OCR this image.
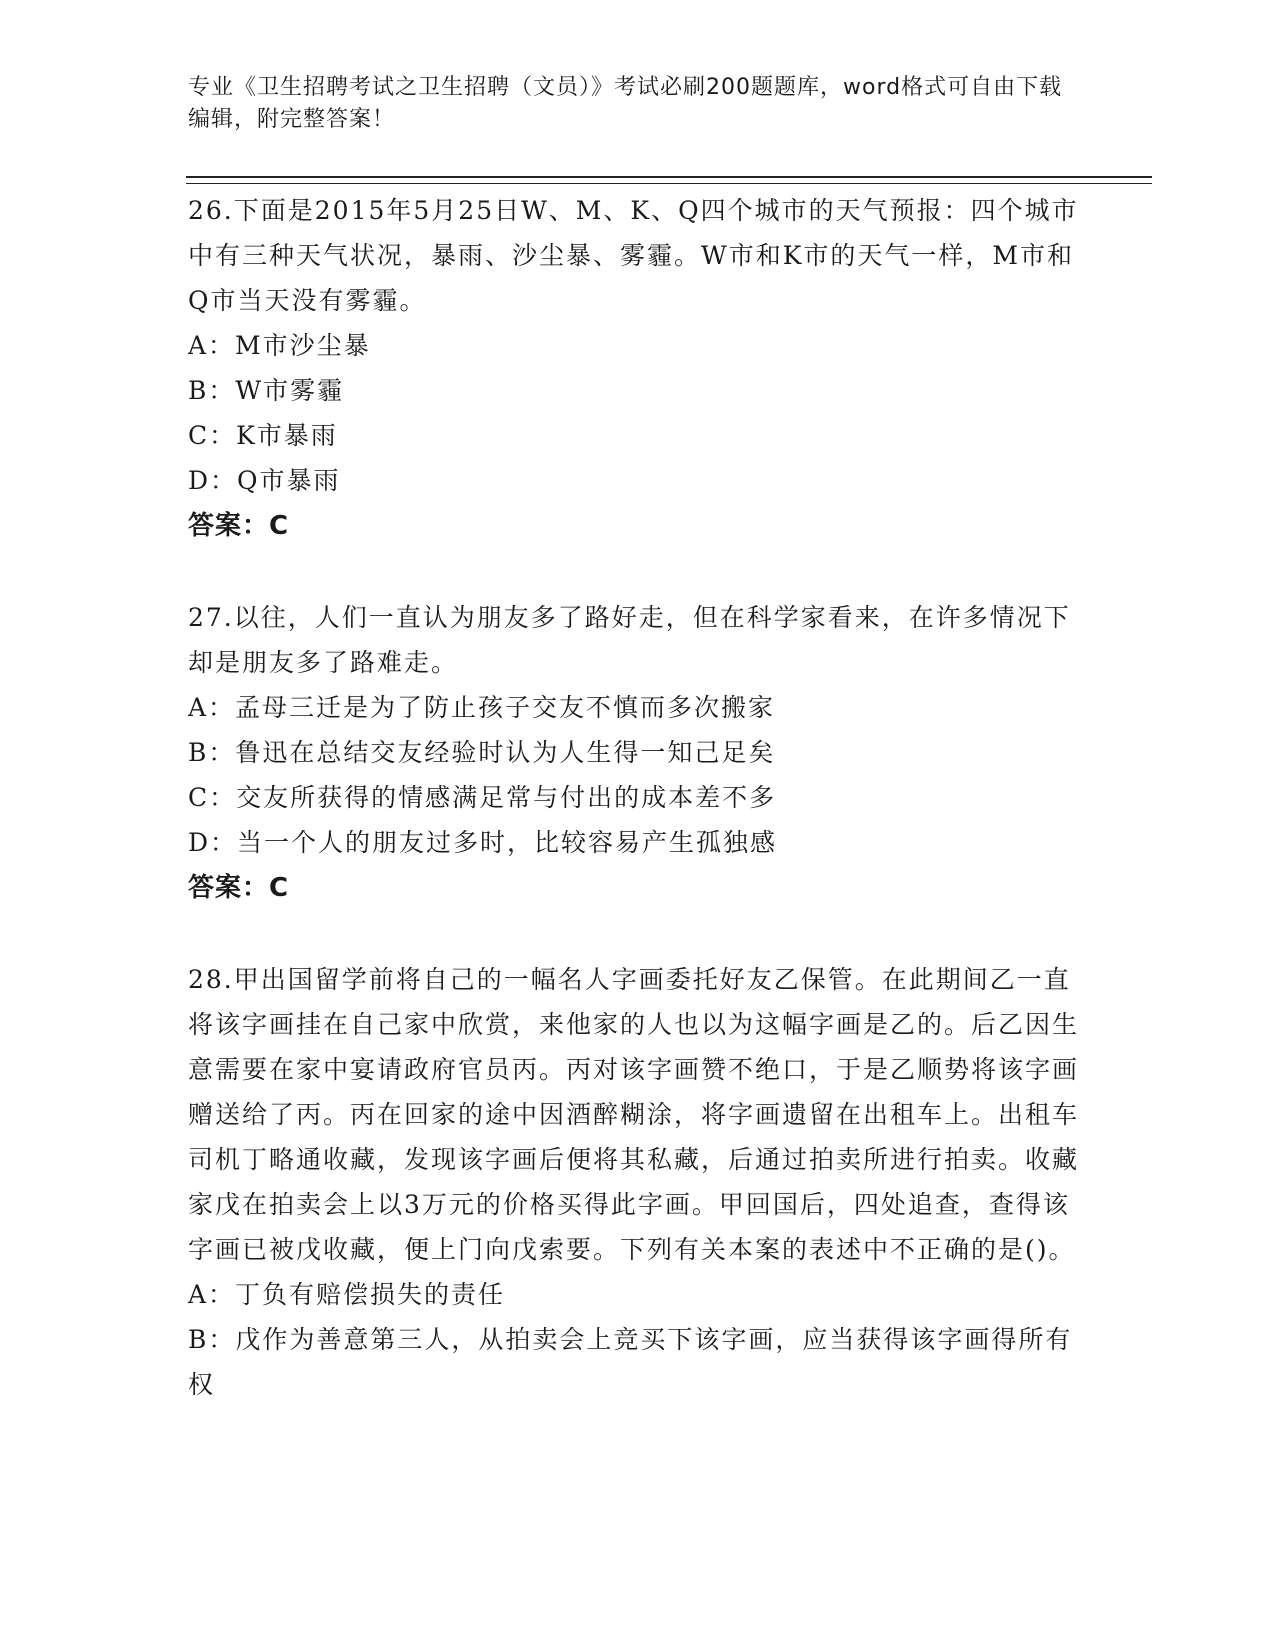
专业《卫生招聘考试之卫生招聘（文员）》考试必刷200题题库，word格式可自由下载编辑，附完整答案！
26.下面是2015年5月25日W、M、K、Q四个城市的天气预报：四个城市中有三种天气状况，暴雨、沙尘暴、雾霾。W市和K市的天气一样，M市和Q市当天没有雾霾。
A：M市沙尘暴
B：W市雾霾
C：K市暴雨
D：Q市暴雨
答案：C
27.以往，人们一直认为朋友多了路好走，但在科学家看来，在许多情况下却是朋友多了路难走。
A：孟母三迁是为了防止孩子交友不慎而多次搬家
B：鲁迅在总结交友经验时认为人生得一知己足矣
C：交友所获得的情感满足常与付出的成本差不多
D：当一个人的朋友过多时，比较容易产生孤独感
答案：C
28.甲出国留学前将自己的一幅名人字画委托好友乙保管。在此期间乙一直将该字画挂在自己家中欣赏，来他家的人也以为这幅字画是乙的。后乙因生意需要在家中宴请政府官员丙。丙对该字画赞不绝口，于是乙顺势将该字画赠送给了丙。丙在回家的途中因酒醉糊涂，将字画遗留在出租车上。出租车司机丁略通收藏，发现该字画后便将其私藏，后通过拍卖所进行拍卖。收藏家戊在拍卖会上以3万元的价格买得此字画。甲回国后，四处追查，查得该字画已被戊收藏，便上门向戊索要。下列有关本案的表述中不正确的是()。
A：丁负有赔偿损失的责任
B：戊作为善意第三人，从拍卖会上竞买下该字画，应当获得该字画得所有权
